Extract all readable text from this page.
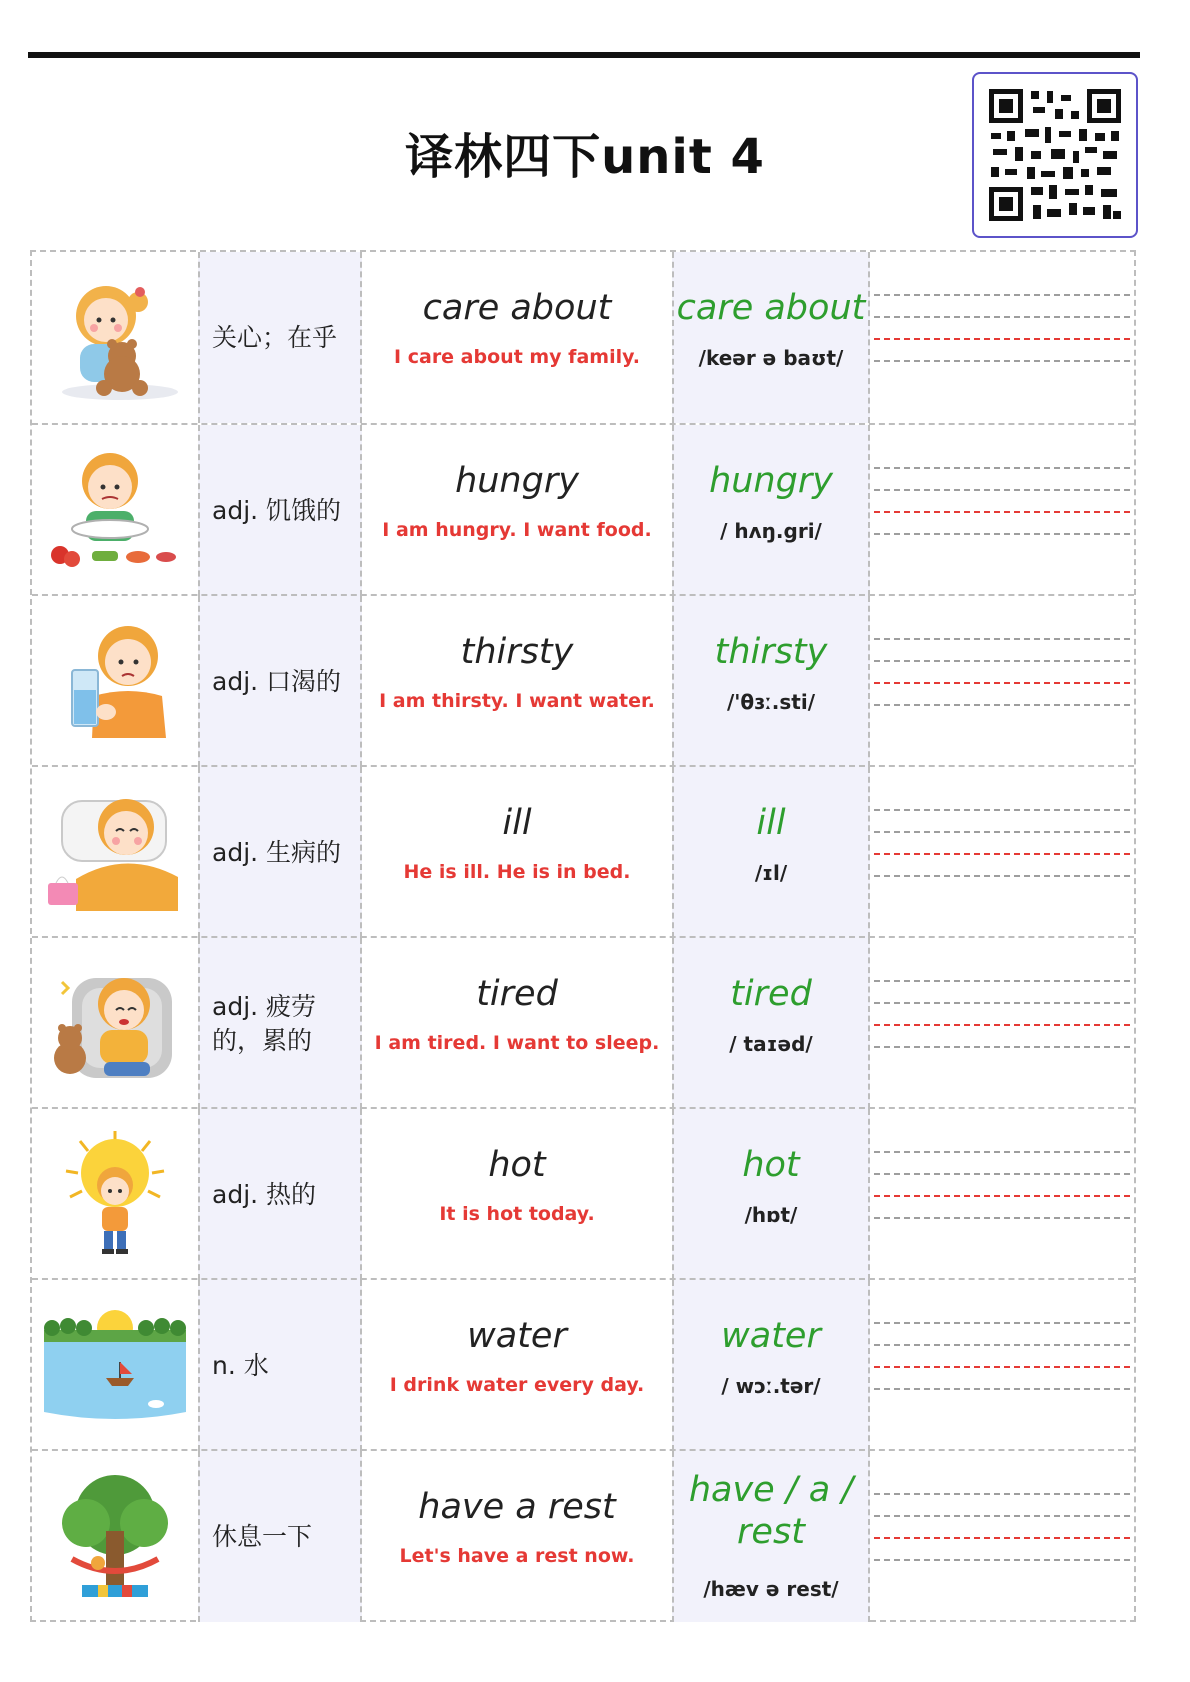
译林四下unit 4
关心；在乎
care about
I care about my family.
care about
/keər ə baʊt/
adj. 饥饿的
hungry
I am hungry. I want food.
hungry
/ hʌŋ.gri/
adj. 口渴的
thirsty
I am thirsty. I want water.
thirsty
/'θɜː.sti/
adj. 生病的
ill
He is ill. He is in bed.
ill
/ɪl/
adj. 疲劳的，累的
tired
I am tired. I want to sleep.
tired
/ taɪəd/
adj. 热的
hot
It is hot today.
hot
/hɒt/
n. 水
water
I drink water every day.
water
/ wɔː.tər/
休息一下
have a rest
Let's have a rest now.
have / a / rest
/hæv ə rest/
